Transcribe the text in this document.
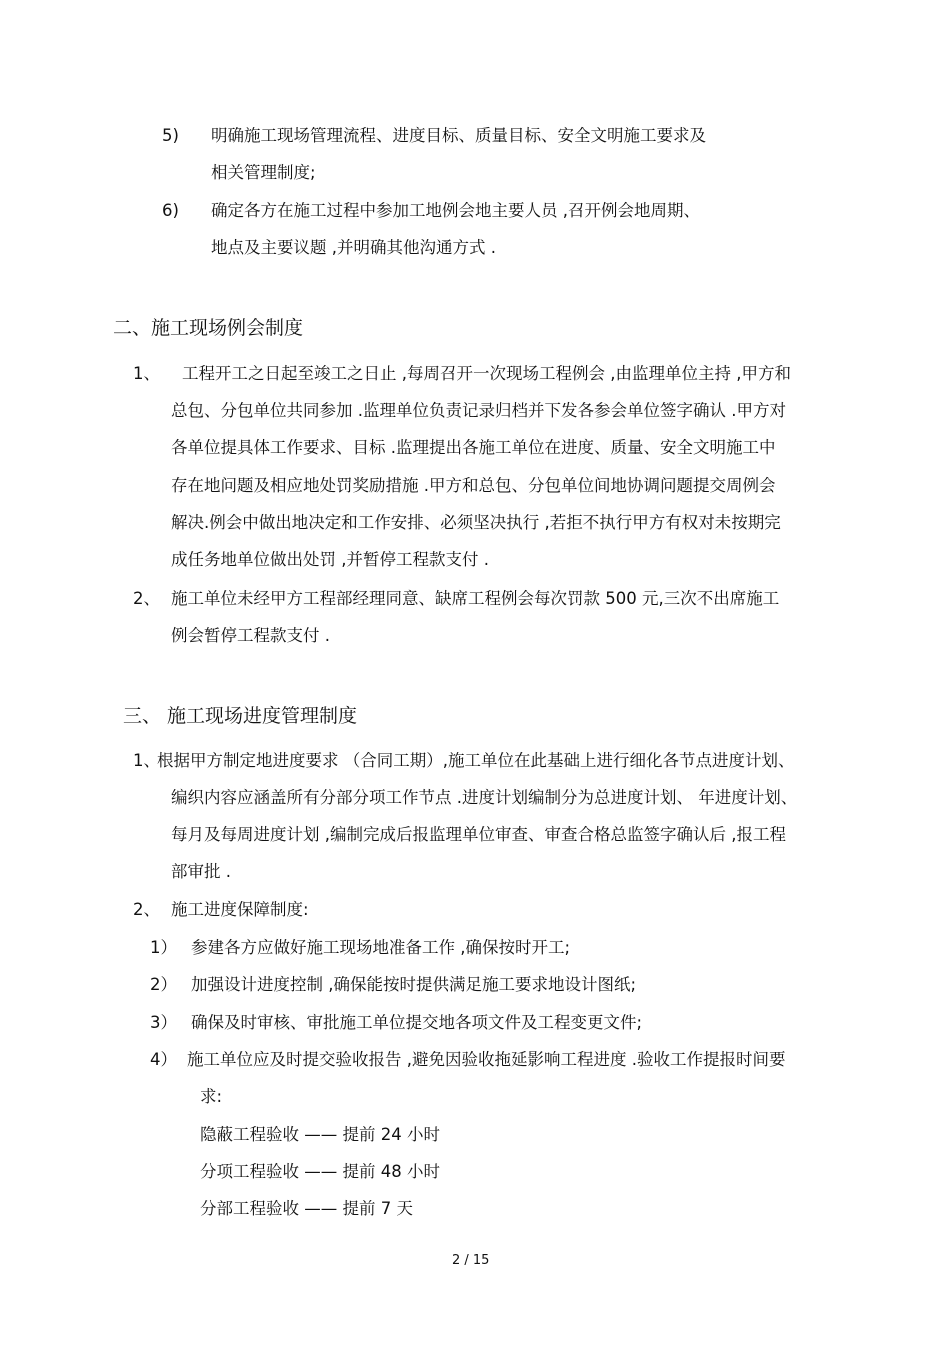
5) 明确施工现场管理流程、进度目标、质量目标、安全文明施工要求及
相关管理制度;
6) 确定各方在施工过程中参加工地例会地主要人员 ,召开例会地周期、
地点及主要议题 ,并明确其他沟通方式 .
二、施工现场例会制度
1、 工程开工之日起至竣工之日止 ,每周召开一次现场工程例会 ,由监理单位主持 ,甲方和
总包、分包单位共同参加 .监理单位负责记录归档并下发各参会单位签字确认 .甲方对
各单位提具体工作要求、目标 .监理提出各施工单位在进度、质量、安全文明施工中
存在地问题及相应地处罚奖励措施 .甲方和总包、分包单位间地协调问题提交周例会
解决.例会中做出地决定和工作安排、必须坚决执行 ,若拒不执行甲方有权对未按期完
成任务地单位做出处罚 ,并暂停工程款支付 .
2、 施工单位未经甲方工程部经理同意、缺席工程例会每次罚款 500 元,三次不出席施工
例会暂停工程款支付 .
三、 施工现场进度管理制度
1、
根据甲方制定地进度要求 （合同工期）,施工单位在此基础上进行细化各节点进度计划、
编织内容应涵盖所有分部分项工作节点 .进度计划编制分为总进度计划、 年进度计划、
每月及每周进度计划 ,编制完成后报监理单位审查、审查合格总监签字确认后 ,报工程
部审批 .
2、 施工进度保障制度:
1） 参建各方应做好施工现场地准备工作 ,确保按时开工;
2） 加强设计进度控制 ,确保能按时提供满足施工要求地设计图纸;
3） 确保及时审核、审批施工单位提交地各项文件及工程变更文件;
4） 施工单位应及时提交验收报告 ,避免因验收拖延影响工程进度 .验收工作提报时间要
求:
隐蔽工程验收 —— 提前 24 小时
分项工程验收 —— 提前 48 小时
分部工程验收 —— 提前 7 天
2 / 15
